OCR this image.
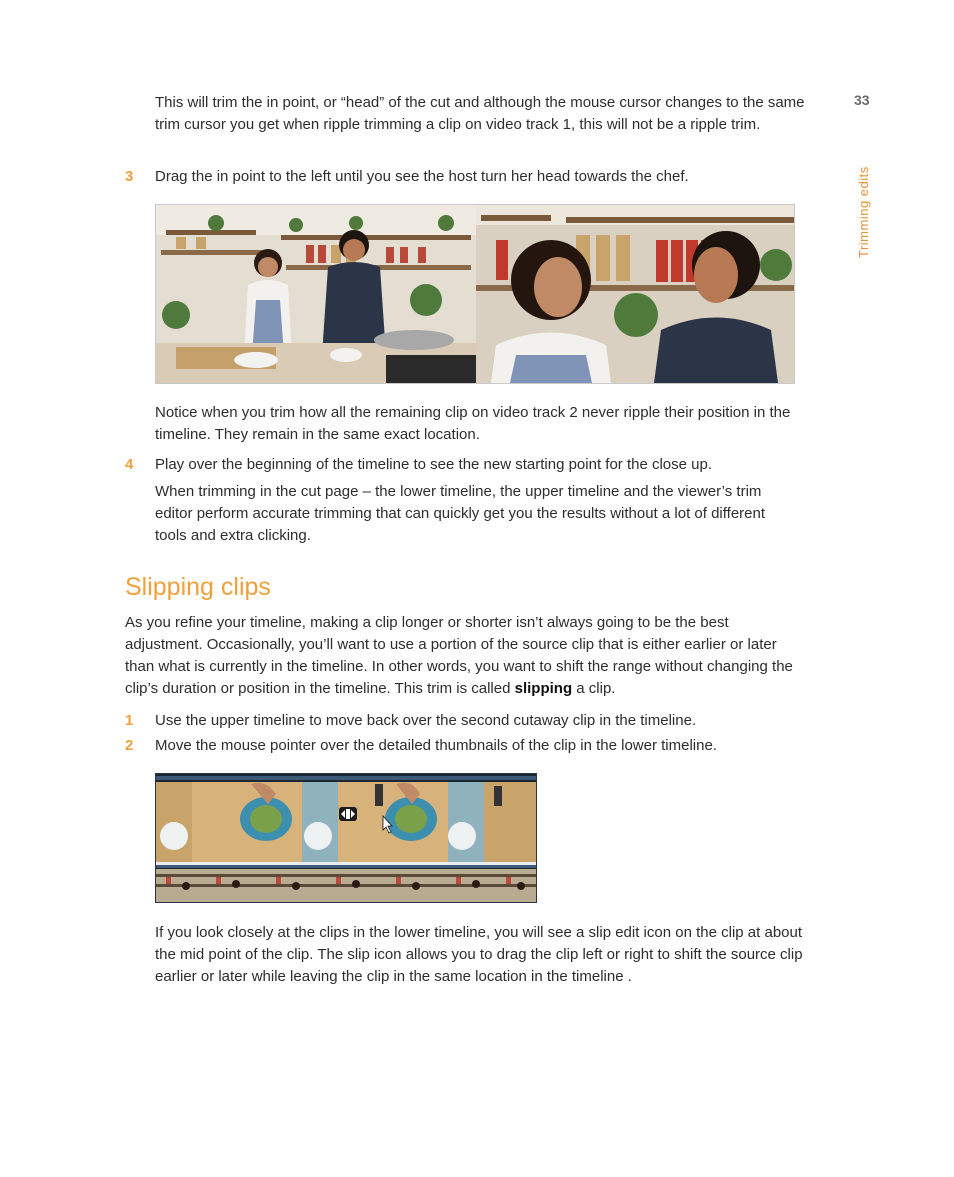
33
Trimming edits

This will trim the in point, or “head” of the cut and although the mouse cursor changes to the same trim cursor you get when ripple trimming a clip on video track 1, this will not be a ripple trim.

3 Drag the in point to the left until you see the host turn her head towards the chef.

Notice when you trim how all the remaining clip on video track 2 never ripple their position in the timeline. They remain in the same exact location.

4 Play over the beginning of the timeline to see the new starting point for the close up.

When trimming in the cut page – the lower timeline, the upper timeline and the viewer’s trim editor perform accurate trimming that can quickly get you the results without a lot of different tools and extra clicking.

Slipping clips

As you refine your timeline, making a clip longer or shorter isn’t always going to be the best adjustment. Occasionally, you’ll want to use a portion of the source clip that is either earlier or later than what is currently in the timeline. In other words, you want to shift the range without changing the clip’s duration or position in the timeline. This trim is called slipping a clip.

1 Use the upper timeline to move back over the second cutaway clip in the timeline.

2 Move the mouse pointer over the detailed thumbnails of the clip in the lower timeline.

If you look closely at the clips in the lower timeline, you will see a slip edit icon on the clip at about the mid point of the clip. The slip icon allows you to drag the clip left or right to shift the source clip earlier or later while leaving the clip in the same location in the timeline .
